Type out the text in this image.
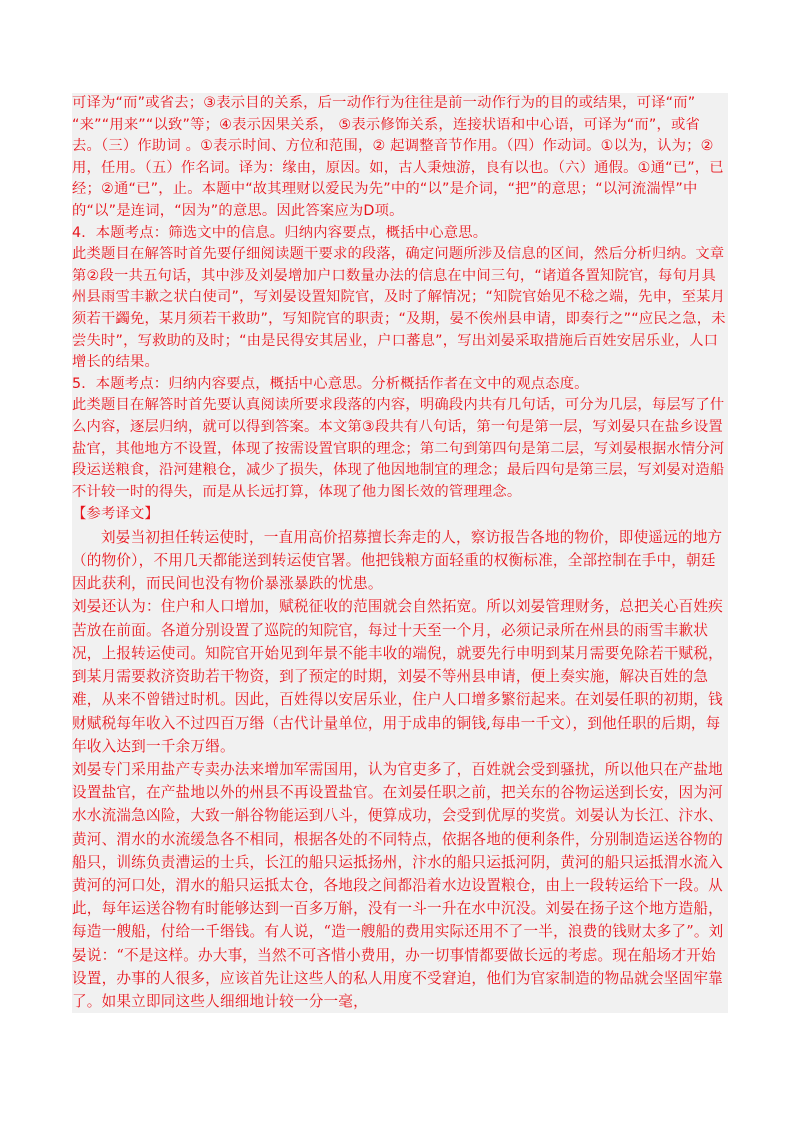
可译为“而”或省去；③表示目的关系，后一动作行为往往是前一动作行为的目的或结果，可译“而” “来”“用来”“以致”等；④表示因果关系， ⑤表示修饰关系，连接状语和中心语，可译为“而”，或省去。（三）作助词 。①表示时间、方位和范围，② 起调整音节作用。（四）作动词。①以为，认为；②用，任用。（五）作名词。译为：缘由，原因。如，古人秉烛游，良有以也。（六）通假。①通“已”，已经；②通“已”，止。本题中“故其理财以爱民为先”中的“以”是介词，“把”的意思；“以河流湍悍”中的“以”是连词，“因为”的意思。因此答案应为D项。

4．本题考点：筛选文中的信息。归纳内容要点，概括中心意思。

此类题目在解答时首先要仔细阅读题干要求的段落，确定问题所涉及信息的区间，然后分析归纳。文章第②段一共五句话，其中涉及刘晏增加户口数量办法的信息在中间三句，“诸道各置知院官，每旬月具州县雨雪丰歉之状白使司”，写刘晏设置知院官，及时了解情况；“知院官始见不稔之端，先申，至某月须若干蠲免，某月须若干救助”，写知院官的职责；“及期，晏不俟州县申请，即奏行之”“应民之急，未尝失时”，写救助的及时；“由是民得安其居业，户口蕃息”，写出刘晏采取措施后百姓安居乐业，人口增长的结果。

5．本题考点：归纳内容要点，概括中心意思。分析概括作者在文中的观点态度。

此类题目在解答时首先要认真阅读所要求段落的内容，明确段内共有几句话，可分为几层，每层写了什么内容，逐层归纳，就可以得到答案。本文第③段共有八句话，第一句是第一层，写刘晏只在盐乡设置盐官，其他地方不设置，体现了按需设置官职的理念；第二句到第四句是第二层，写刘晏根据水情分河段运送粮食，沿河建粮仓，减少了损失，体现了他因地制宜的理念；最后四句是第三层，写刘晏对造船不计较一时的得失，而是从长远打算，体现了他力图长效的管理理念。

【参考译文】

刘晏当初担任转运使时，一直用高价招募擅长奔走的人，察访报告各地的物价，即使遥远的地方（的物价），不用几天都能送到转运使官署。他把钱粮方面轻重的权衡标准，全部控制在手中，朝廷因此获利，而民间也没有物价暴涨暴跌的忧患。

刘晏还认为：住户和人口增加，赋税征收的范围就会自然拓宽。所以刘晏管理财务，总把关心百姓疾苦放在前面。各道分别设置了巡院的知院官，每过十天至一个月，必须记录所在州县的雨雪丰歉状况，上报转运使司。知院官开始见到年景不能丰收的端倪，就要先行申明到某月需要免除若干赋税，到某月需要救济资助若干物资，到了预定的时期，刘晏不等州县申请，便上奏实施，解决百姓的急难，从来不曾错过时机。因此，百姓得以安居乐业，住户人口增多繁衍起来。在刘晏任职的初期，钱财赋税每年收入不过四百万缗（古代计量单位，用于成串的铜钱,每串一千文），到他任职的后期，每年收入达到一千余万缗。

刘晏专门采用盐产专卖办法来增加军需国用，认为官吏多了，百姓就会受到骚扰，所以他只在产盐地设置盐官，在产盐地以外的州县不再设置盐官。在刘晏任职之前，把关东的谷物运送到长安，因为河水水流湍急凶险，大致一斛谷物能运到八斗，便算成功，会受到优厚的奖赏。刘晏认为长江、汴水、黄河、渭水的水流缓急各不相同，根据各处的不同特点，依据各地的便利条件，分别制造运送谷物的船只，训练负责漕运的士兵，长江的船只运抵扬州，汴水的船只运抵河阴，黄河的船只运抵渭水流入黄河的河口处，渭水的船只运抵太仓，各地段之间都沿着水边设置粮仓，由上一段转运给下一段。从此，每年运送谷物有时能够达到一百多万斛，没有一斗一升在水中沉没。刘晏在扬子这个地方造船，每造一艘船，付给一千缗钱。有人说，“造一艘船的费用实际还用不了一半，浪费的钱财太多了”。刘晏说：“不是这样。办大事，当然不可吝惜小费用，办一切事情都要做长远的考虑。现在船场才开始设置，办事的人很多，应该首先让这些人的私人用度不受窘迫，他们为官家制造的物品就会坚固牢靠了。如果立即同这些人细细地计较一分一毫，
